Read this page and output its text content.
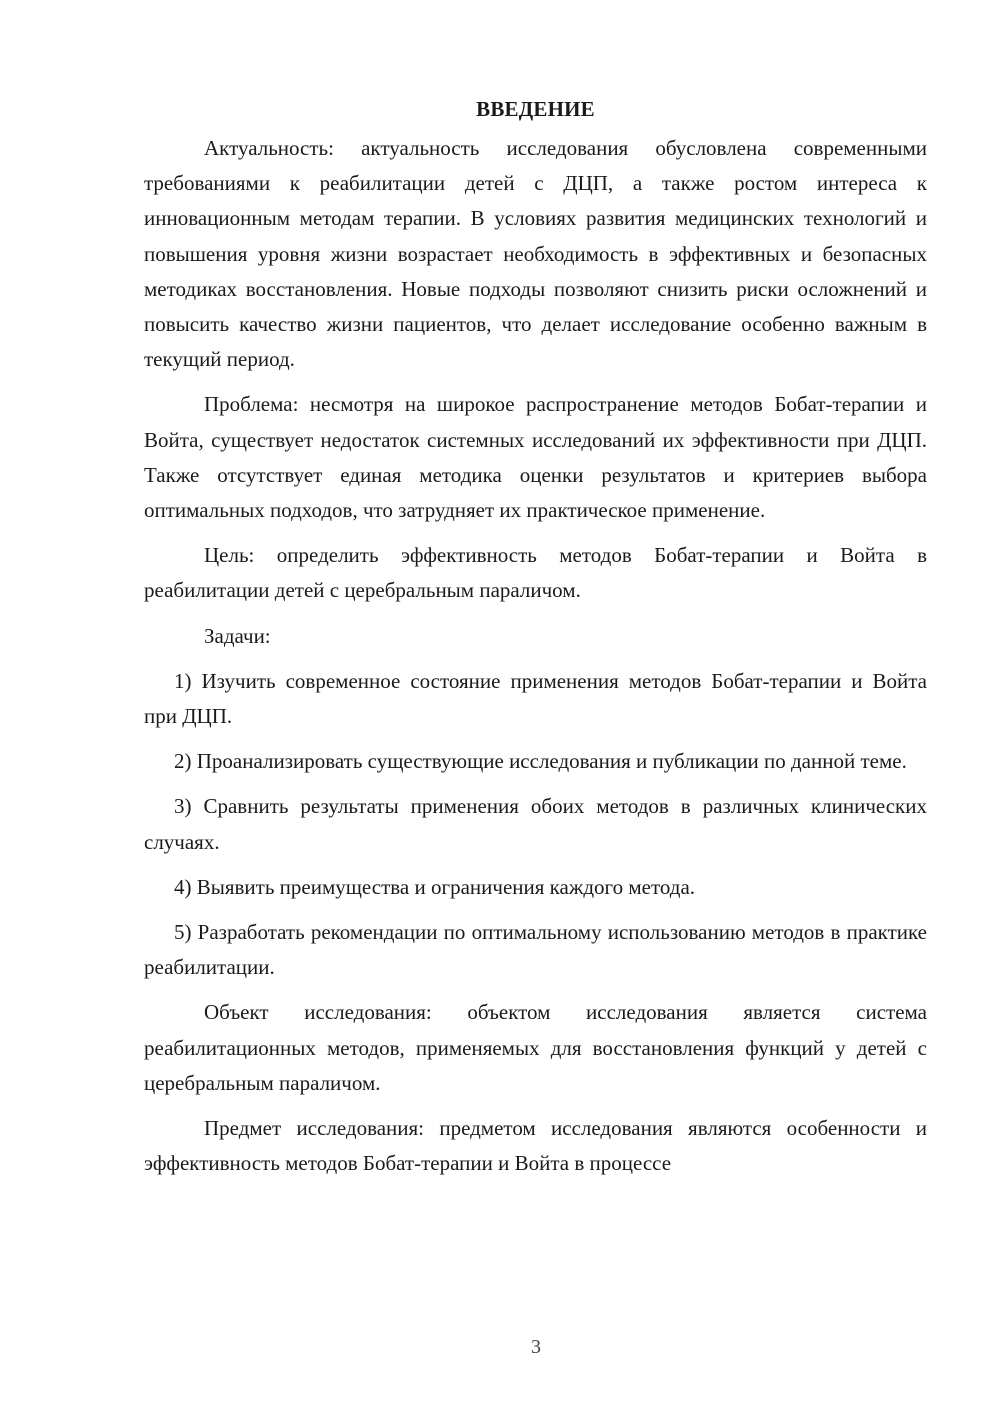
ВВЕДЕНИЕ

Актуальность: актуальность исследования обусловлена современными требованиями к реабилитации детей с ДЦП, а также ростом интереса к инновационным методам терапии. В условиях развития медицинских технологий и повышения уровня жизни возрастает необходимость в эффективных и безопасных методиках восстановления. Новые подходы позволяют снизить риски осложнений и повысить качество жизни пациентов, что делает исследование особенно важным в текущий период.

Проблема: несмотря на широкое распространение методов Бобат-терапии и Войта, существует недостаток системных исследований их эффективности при ДЦП. Также отсутствует единая методика оценки результатов и критериев выбора оптимальных подходов, что затрудняет их практическое применение.

Цель: определить эффективность методов Бобат-терапии и Войта в реабилитации детей с церебральным параличом.

Задачи:

1) Изучить современное состояние применения методов Бобат-терапии и Войта при ДЦП.

2) Проанализировать существующие исследования и публикации по данной теме.

3) Сравнить результаты применения обоих методов в различных клинических случаях.

4) Выявить преимущества и ограничения каждого метода.

5) Разработать рекомендации по оптимальному использованию методов в практике реабилитации.

Объект исследования: объектом исследования является система реабилитационных методов, применяемых для восстановления функций у детей с церебральным параличом.

Предмет исследования: предметом исследования являются особенности и эффективность методов Бобат-терапии и Войта в процессе

3
